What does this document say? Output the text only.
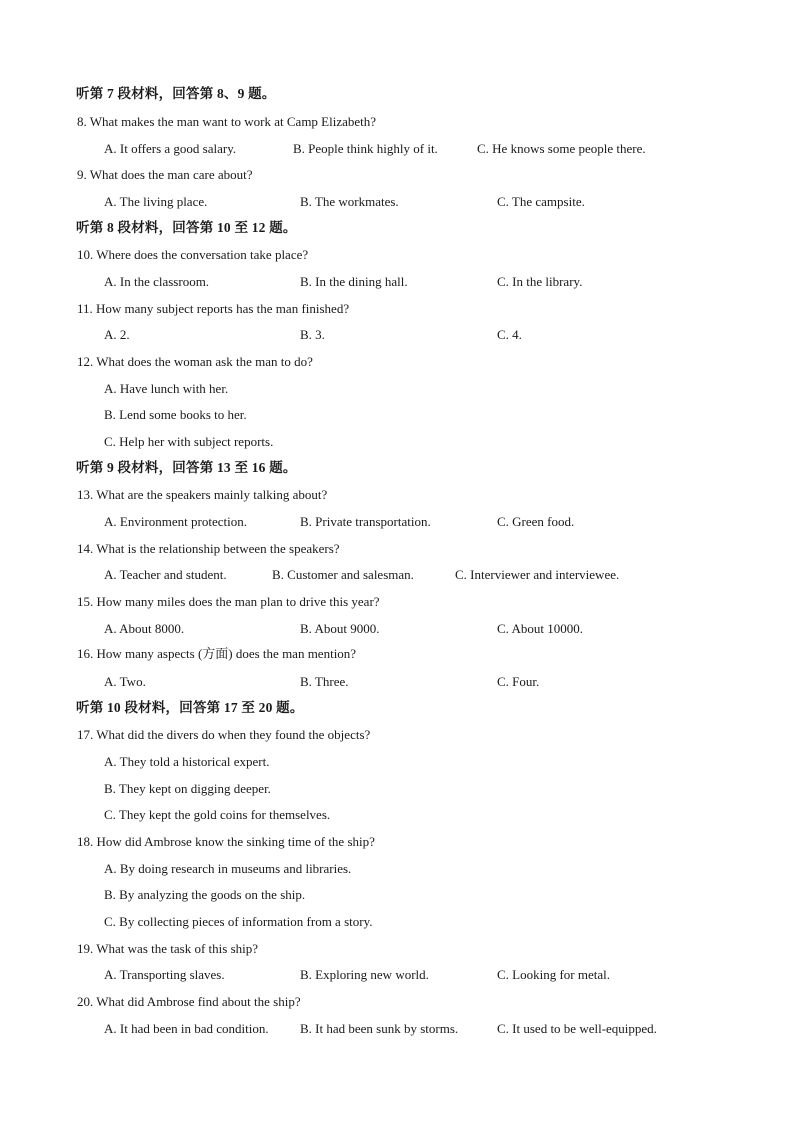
听第 7 段材料，回答第 8、9 题。
8. What makes the man want to work at Camp Elizabeth?
A. It offers a good salary.	B. People think highly of it.	C. He knows some people there.
9. What does the man care about?
A. The living place.	B. The workmates.	C. The campsite.
听第 8 段材料，回答第 10 至 12 题。
10. Where does the conversation take place?
A. In the classroom.	B. In the dining hall.	C. In the library.
11. How many subject reports has the man finished?
A. 2.	B. 3.	C. 4.
12. What does the woman ask the man to do?
A. Have lunch with her.
B. Lend some books to her.
C. Help her with subject reports.
听第 9 段材料，回答第 13 至 16 题。
13. What are the speakers mainly talking about?
A. Environment protection.	B. Private transportation.	C. Green food.
14. What is the relationship between the speakers?
A. Teacher and student.	B. Customer and salesman.	C. Interviewer and interviewee.
15. How many miles does the man plan to drive this year?
A. About 8000.	B. About 9000.	C. About 10000.
16. How many aspects (方面) does the man mention?
A. Two.	B. Three.	C. Four.
听第 10 段材料，回答第 17 至 20 题。
17. What did the divers do when they found the objects?
A. They told a historical expert.
B. They kept on digging deeper.
C. They kept the gold coins for themselves.
18. How did Ambrose know the sinking time of the ship?
A. By doing research in museums and libraries.
B. By analyzing the goods on the ship.
C. By collecting pieces of information from a story.
19. What was the task of this ship?
A. Transporting slaves.	B. Exploring new world.	C. Looking for metal.
20. What did Ambrose find about the ship?
A. It had been in bad condition. B. It had been sunk by storms.	C. It used to be well-equipped.
